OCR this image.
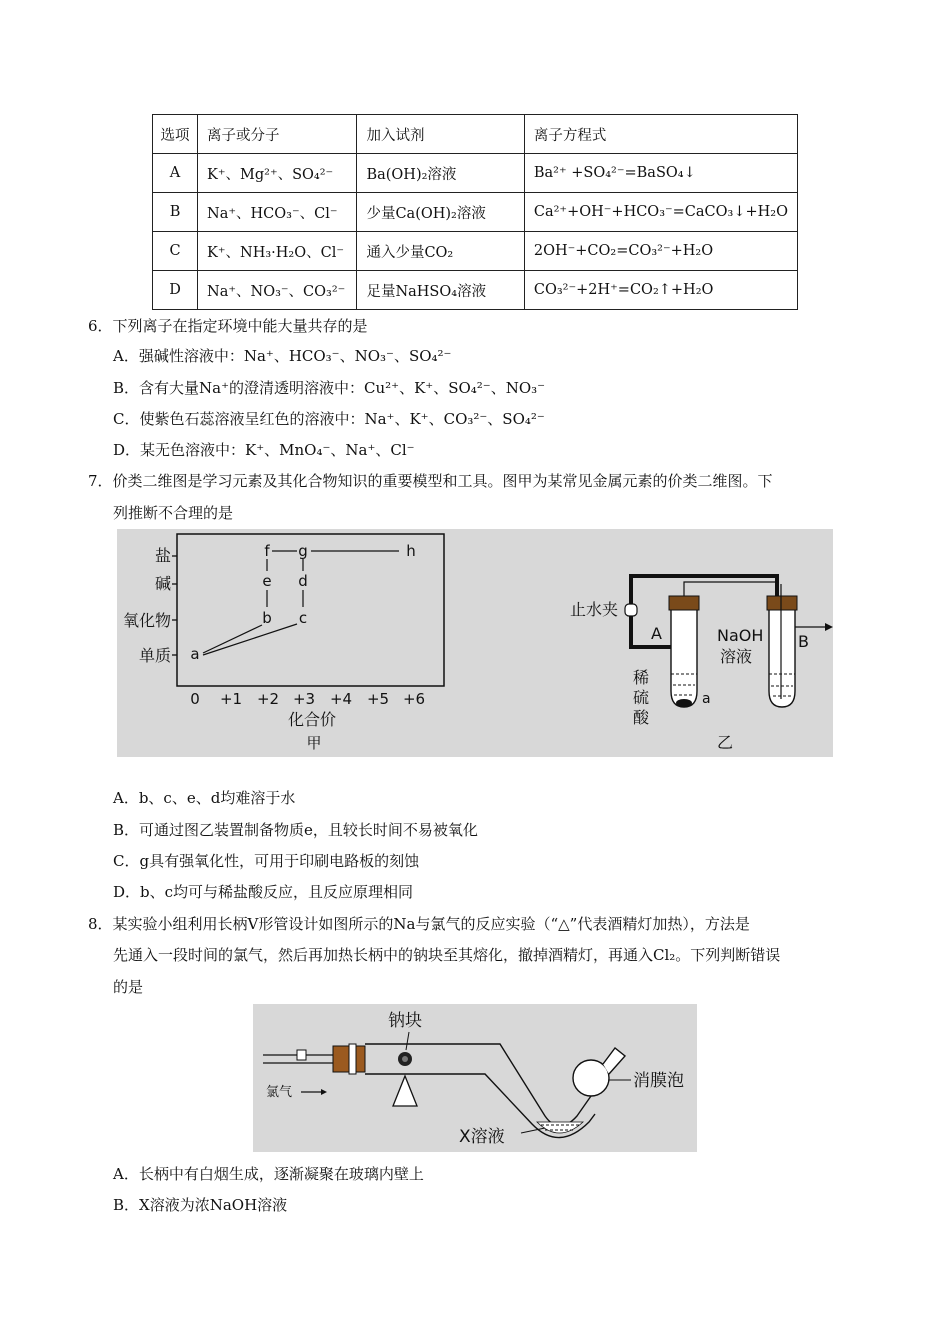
选项	离子或分子	加入试剂	离子方程式
A	K⁺、Mg²⁺、SO₄²⁻	Ba(OH)₂溶液	Ba²⁺ +SO₄²⁻=BaSO₄↓
B	Na⁺、HCO₃⁻、Cl⁻	少量Ca(OH)₂溶液	Ca²⁺+OH⁻+HCO₃⁻=CaCO₃↓+H₂O
C	K⁺、NH₃·H₂O、Cl⁻	通入少量CO₂	2OH⁻+CO₂=CO₃²⁻+H₂O
D	Na⁺、NO₃⁻、CO₃²⁻	足量NaHSO₄溶液	CO₃²⁻+2H⁺=CO₂↑+H₂O
6．下列离子在指定环境中能大量共存的是
A．强碱性溶液中：Na⁺、HCO₃⁻、NO₃⁻、SO₄²⁻
B．含有大量Na⁺的澄清透明溶液中：Cu²⁺、K⁺、SO₄²⁻、NO₃⁻
C．使紫色石蕊溶液呈红色的溶液中：Na⁺、K⁺、CO₃²⁻、SO₄²⁻
D．某无色溶液中：K⁺、MnO₄⁻、Na⁺、Cl⁻
7．价类二维图是学习元素及其化合物知识的重要模型和工具。图甲为某常见金属元素的价类二维图。下
列推断不合理的是
盐
碱
氧化物
单质
0 +1 +2 +3 +4 +5 +6
化合价
甲
f g	h
e d
b c
a
止水夹
A	B
稀
硫
酸
a
NaOH
溶液
乙
A．b、c、e、d均难溶于水
B．可通过图乙装置制备物质e，且较长时间不易被氧化
C．g具有强氧化性，可用于印刷电路板的刻蚀
D．b、c均可与稀盐酸反应，且反应原理相同
8．某实验小组利用长柄V形管设计如图所示的Na与氯气的反应实验（“△”代表酒精灯加热），方法是
先通入一段时间的氯气，然后再加热长柄中的钠块至其熔化，撤掉酒精灯，再通入Cl₂。下列判断错误
的是
钠块
氯气
消膜泡
X溶液
A．长柄中有白烟生成，逐渐凝聚在玻璃内壁上
B．X溶液为浓NaOH溶液
